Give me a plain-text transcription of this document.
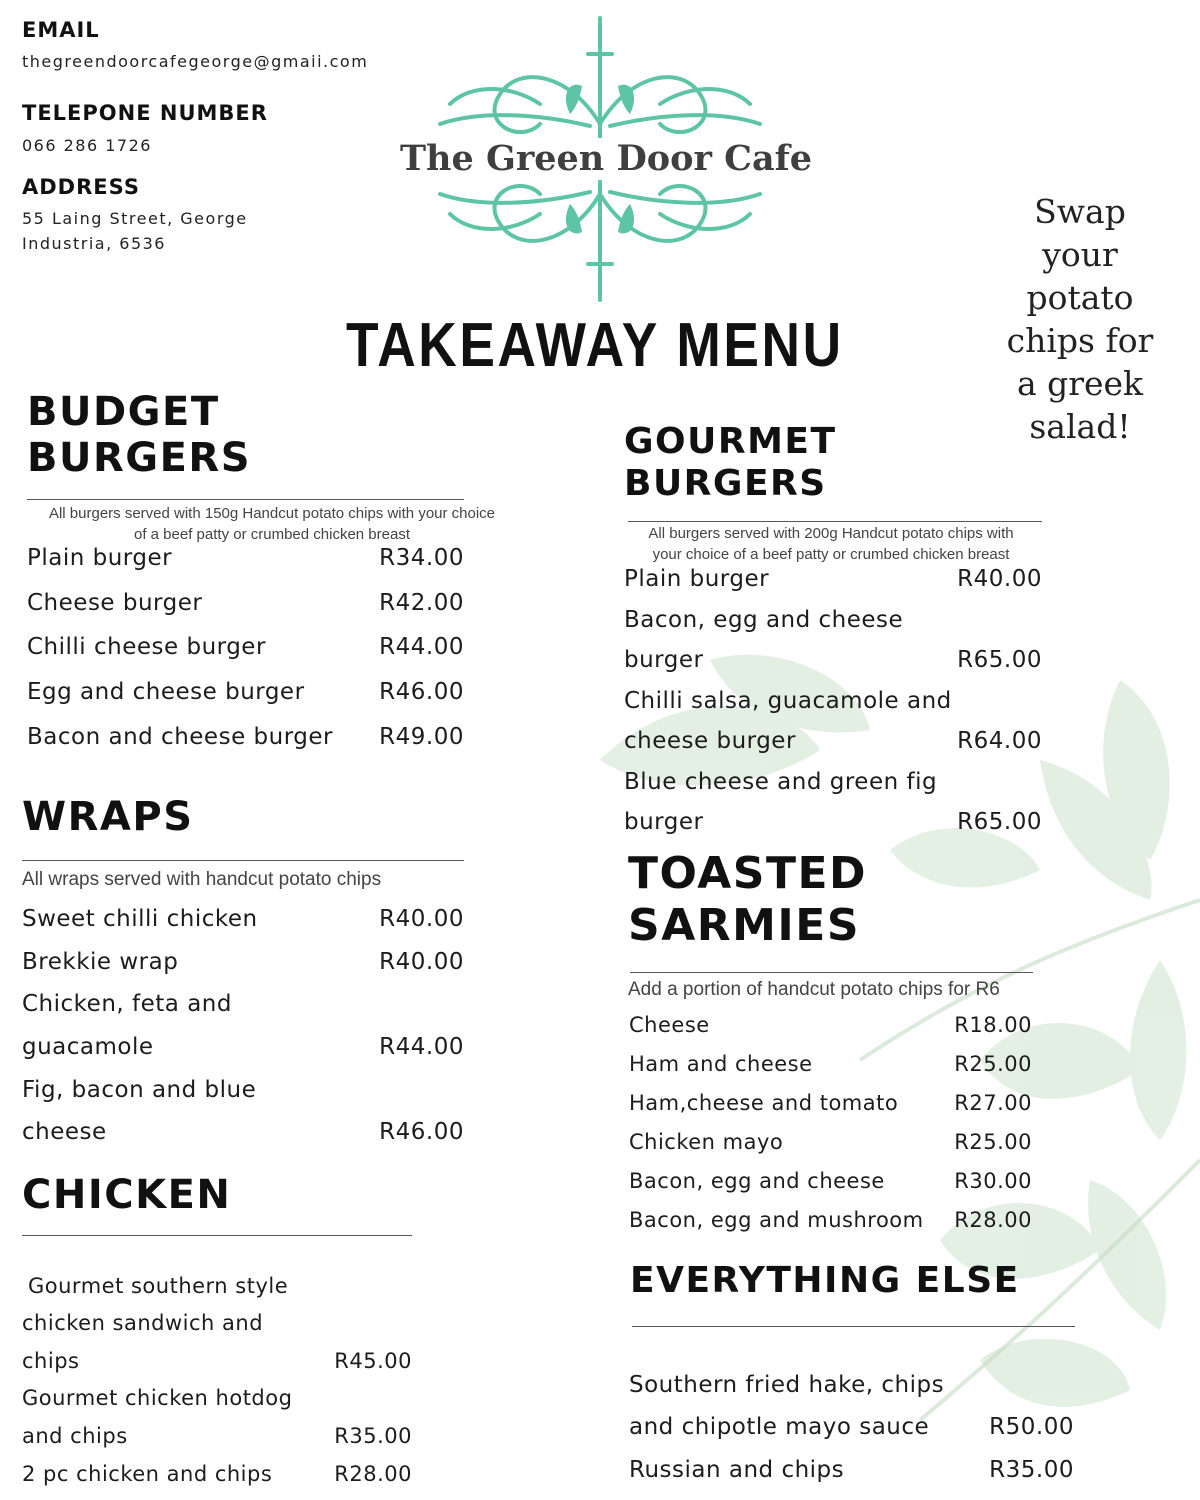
EMAIL
thegreendoorcafegeorge@gmaii.com
TELEPONE NUMBER
066 286 1726
ADDRESS
55 Laing Street, George
Industria, 6536
The Green Door Cafe
TAKEAWAY MENU
Swap
your
potato
chips for
a greek
salad!
BUDGET
BURGERS
All burgers served with 150g Handcut potato chips with your choice
of a beef patty or crumbed chicken breast
Plain burger	R34.00
Cheese burger	R42.00
Chilli cheese burger	R44.00
Egg and cheese burger	R46.00
Bacon and cheese burger	R49.00
WRAPS
All wraps served with handcut potato chips
Sweet chilli chicken	R40.00
Brekkie wrap	R40.00
Chicken, feta and
guacamole	R44.00
Fig, bacon and blue
cheese	R46.00
CHICKEN
Gourmet southern style
chicken sandwich and
chips	R45.00
Gourmet chicken hotdog
and chips	R35.00
2 pc chicken and chips	R28.00
GOURMET
BURGERS
All burgers served with 200g Handcut potato chips with
your choice of a beef patty or crumbed chicken breast
Plain burger	R40.00
Bacon, egg and cheese
burger	R65.00
Chilli salsa, guacamole and
cheese burger	R64.00
Blue cheese and green fig
burger	R65.00
TOASTED
SARMIES
Add a portion of handcut potato chips for R6
Cheese	R18.00
Ham and cheese	R25.00
Ham,cheese and tomato	R27.00
Chicken mayo	R25.00
Bacon, egg and cheese	R30.00
Bacon, egg and mushroom	R28.00
EVERYTHING ELSE
Southern fried hake, chips
and chipotle mayo sauce	R50.00
Russian and chips	R35.00
